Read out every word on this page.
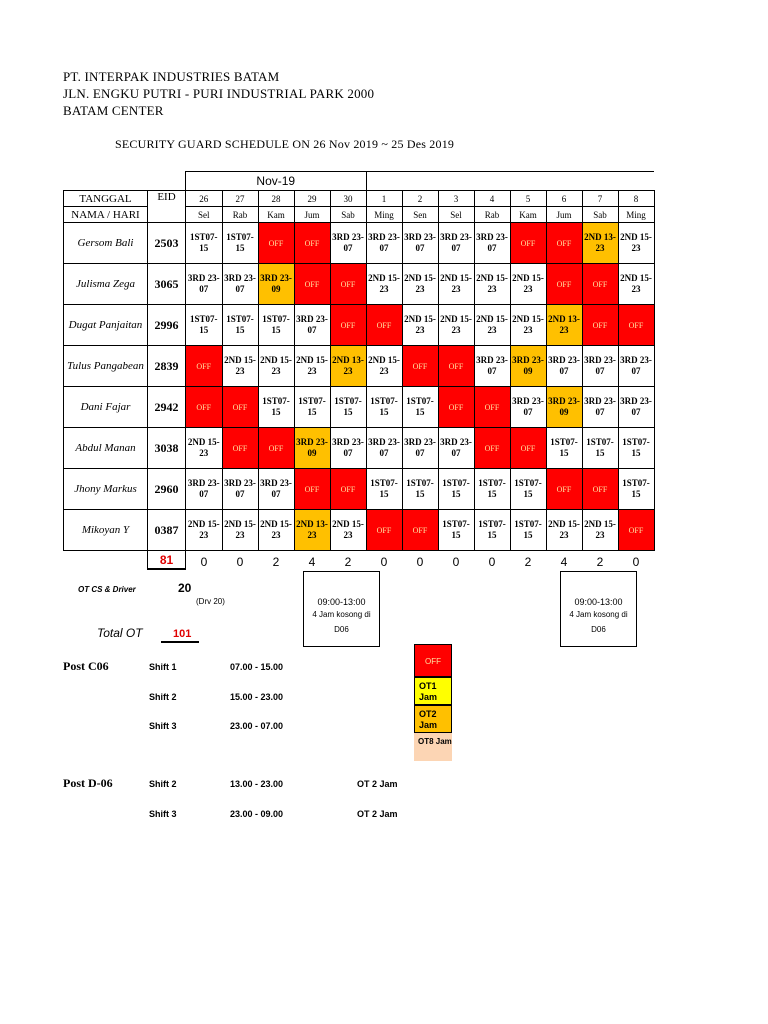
PT. INTERPAK INDUSTRIES BATAM
JLN. ENGKU PUTRI - PURI INDUSTRIAL PARK 2000
BATAM CENTER
SECURITY GUARD SCHEDULE ON 26 Nov 2019 ~ 25 Des 2019
		Nov-19												
TANGGAL	EID	26	27	28	29	30	1	2	3	4	5	6	7	8
NAMA / HARI		Sel	Rab	Kam	Jum	Sab	Ming	Sen	Sel	Rab	Kam	Jum	Sab	Ming
Gersom Bali	2503	1ST07-15	1ST07-15	OFF	OFF	3RD 23-07	3RD 23-07	3RD 23-07	3RD 23-07	3RD 23-07	OFF	OFF	2ND 13-23	2ND 15-23
Julisma Zega	3065	3RD 23-07	3RD 23-07	3RD 23-09	OFF	OFF	2ND 15-23	2ND 15-23	2ND 15-23	2ND 15-23	2ND 15-23	OFF	OFF	2ND 15-23
Dugat Panjaitan	2996	1ST07-15	1ST07-15	1ST07-15	3RD 23-07	OFF	OFF	2ND 15-23	2ND 15-23	2ND 15-23	2ND 15-23	2ND 13-23	OFF	OFF
Tulus Pangabean	2839	OFF	2ND 15-23	2ND 15-23	2ND 15-23	2ND 13-23	2ND 15-23	OFF	OFF	3RD 23-07	3RD 23-09	3RD 23-07	3RD 23-07	3RD 23-07
Dani Fajar	2942	OFF	OFF	1ST07-15	1ST07-15	1ST07-15	1ST07-15	1ST07-15	OFF	OFF	3RD 23-07	3RD 23-09	3RD 23-07	3RD 23-07
Abdul Manan	3038	2ND 15-23	OFF	OFF	3RD 23-09	3RD 23-07	3RD 23-07	3RD 23-07	3RD 23-07	OFF	OFF	1ST07-15	1ST07-15	1ST07-15
Jhony Markus	2960	3RD 23-07	3RD 23-07	3RD 23-07	OFF	OFF	1ST07-15	1ST07-15	1ST07-15	1ST07-15	1ST07-15	OFF	OFF	1ST07-15
Mikoyan Y	0387	2ND 15-23	2ND 15-23	2ND 15-23	2ND 13-23	2ND 15-23	OFF	OFF	1ST07-15	1ST07-15	1ST07-15	2ND 15-23	2ND 15-23	OFF
	81	0	0	2	4	2	0	0	0	0	2	4	2	0
OT CS & Driver	20
(Drv 20)
Total OT	101
09:00-13:00
4 Jam kosong di
D06
09:00-13:00
4 Jam kosong di
D06
OFF
OT1 Jam
OT2 Jam
OT8 Jam
Post C06	Shift 1	07.00 - 15.00
Shift 2	15.00 - 23.00
Shift 3	23.00 - 07.00
Post D-06	Shift 2	13.00 - 23.00	OT 2 Jam
Shift 3	23.00 - 09.00	OT 2 Jam
